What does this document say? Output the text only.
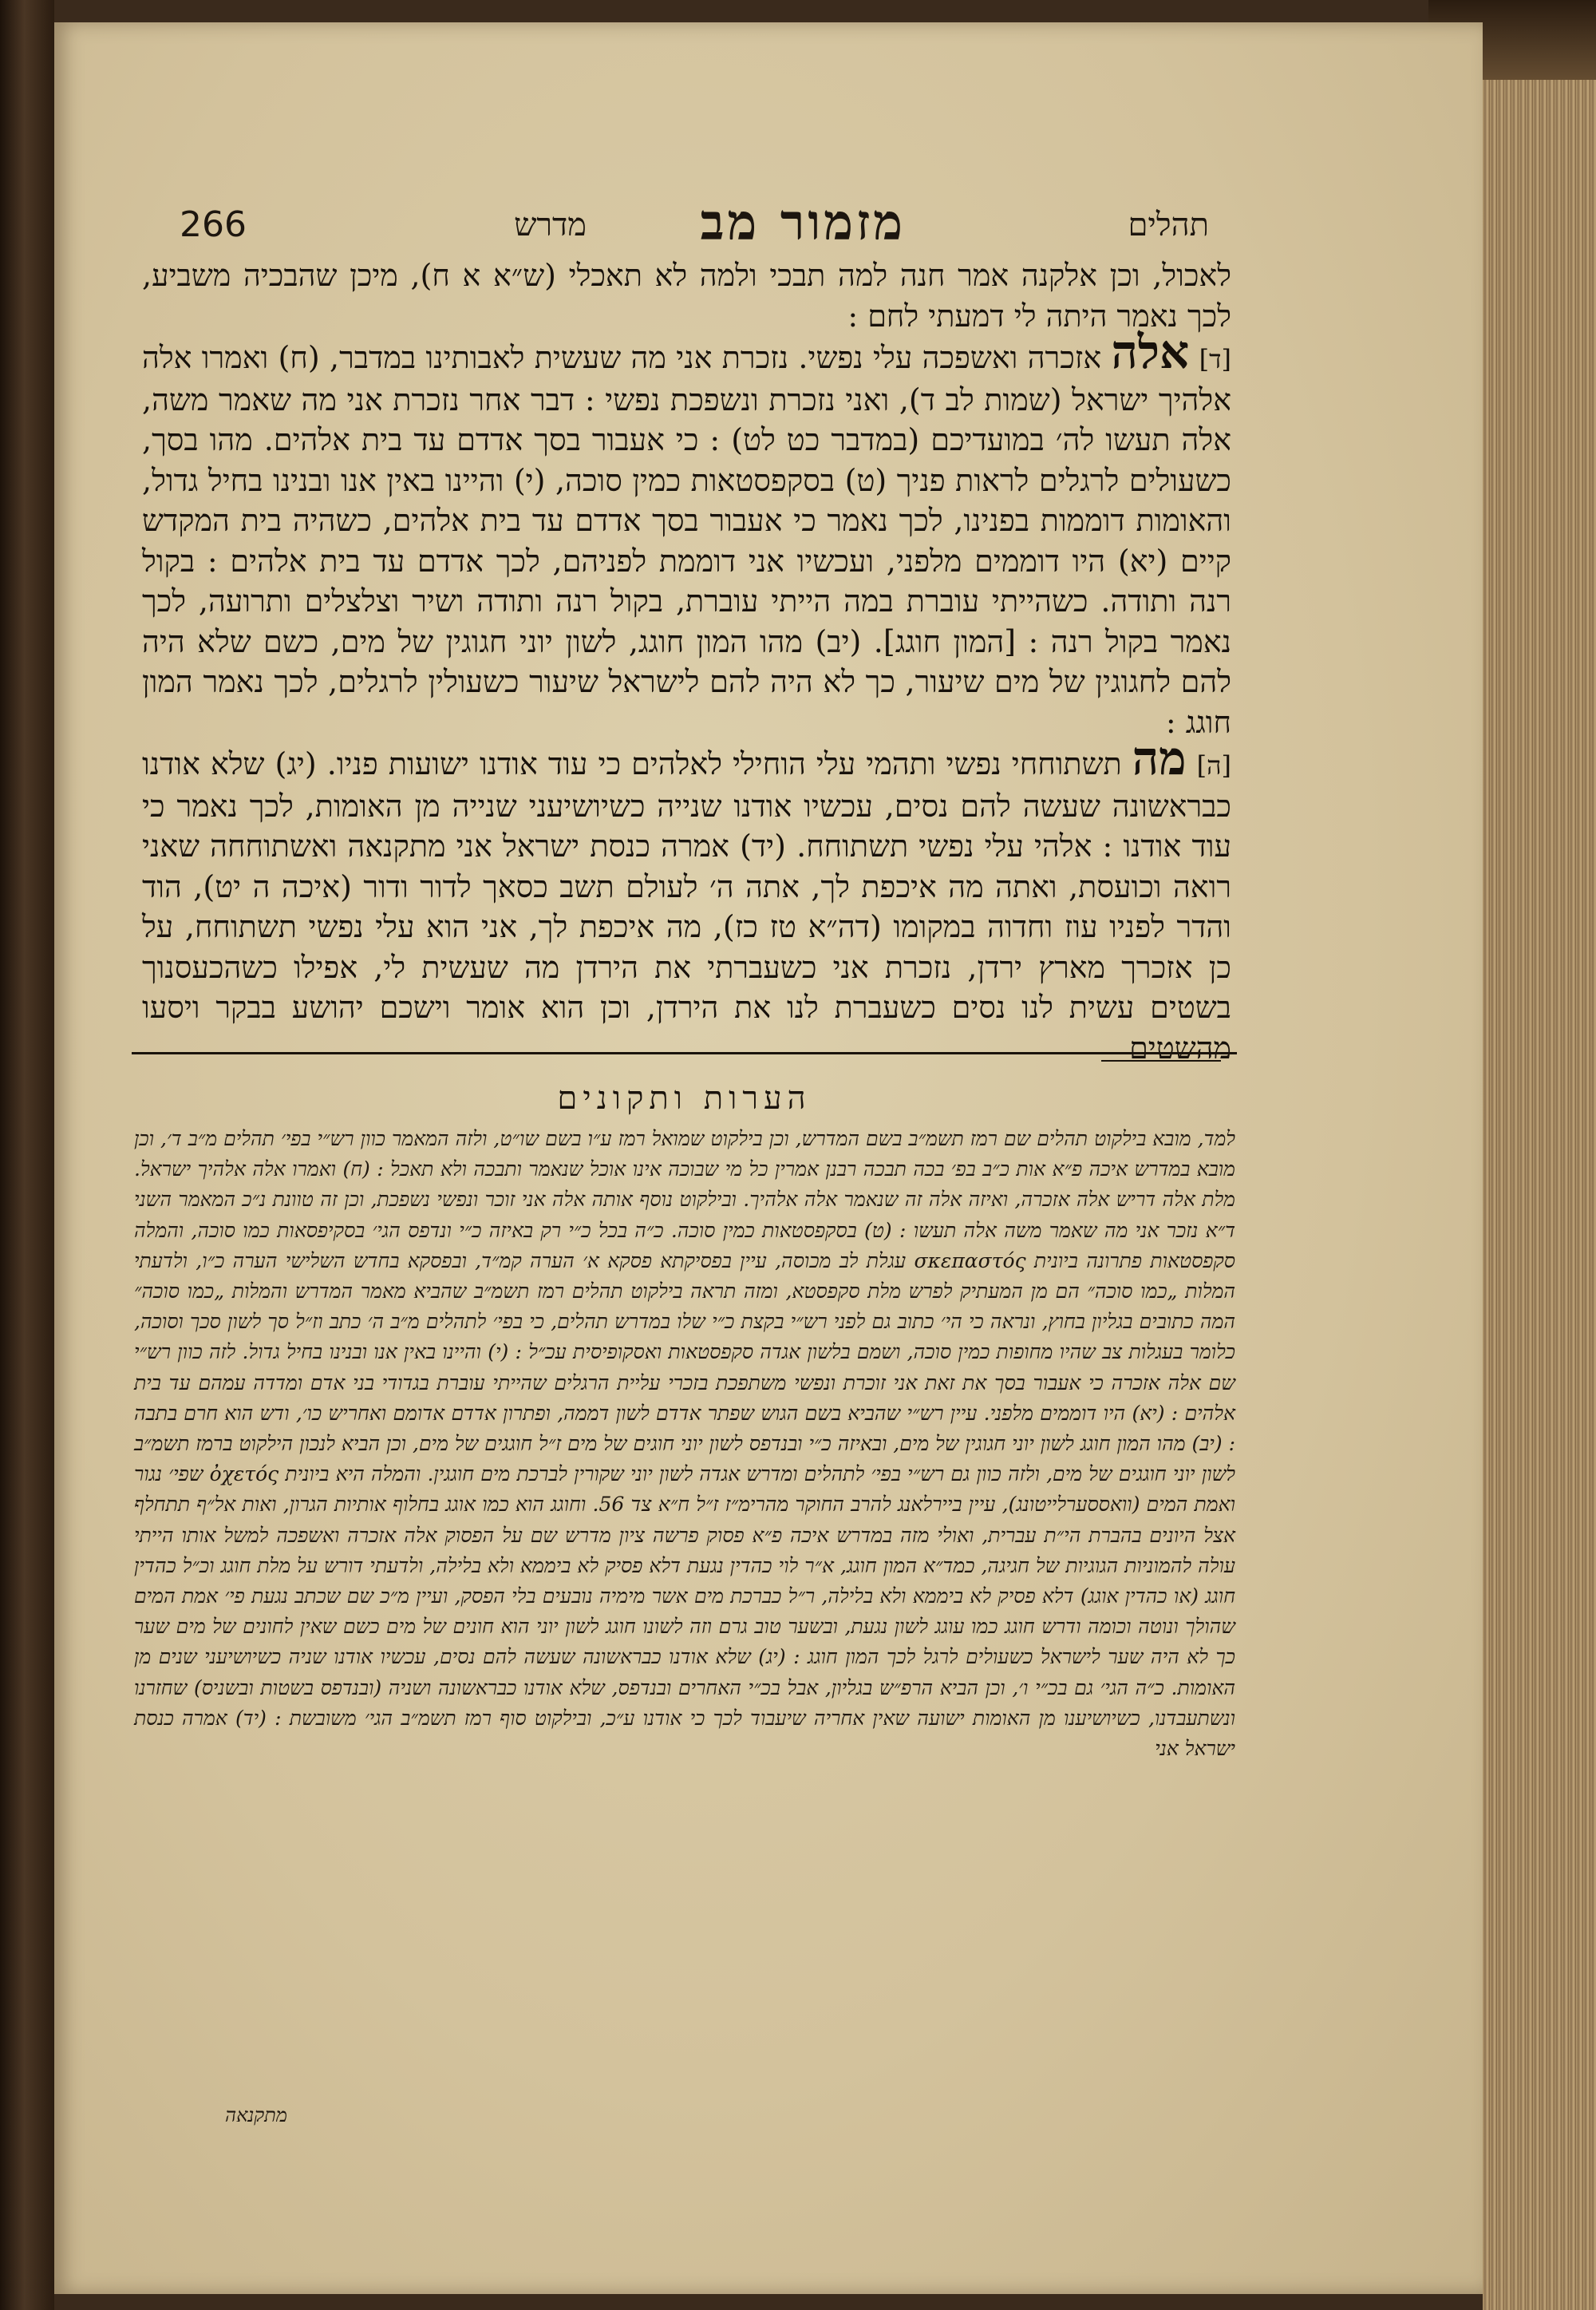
תהלים
מזמור מב
מדרש
266

לאכול, וכן אלקנה אמר חנה למה תבכי ולמה לא תאכלי (ש״א א ח), מיכן שהבכיה משביע, לכך נאמר היתה לי דמעתי לחם :

[ד] אלה אזכרה ואשפכה עלי נפשי. נזכרת אני מה שעשית לאבותינו במדבר, (ח) ואמרו אלה אלהיך ישראל (שמות לב ד), ואני נזכרת ונשפכת נפשי : דבר אחר נזכרת אני מה שאמר משה, אלה תעשו לה׳ במועדיכם (במדבר כט לט) : כי אעבור בסך אדדם עד בית אלהים. מהו בסך, כשעולים לרגלים לראות פניך (ט) בסקפסטאות כמין סוכה, (י) והיינו באין אנו ובנינו בחיל גדול, והאומות דוממות בפנינו, לכך נאמר כי אעבור בסך אדדם עד בית אלהים, כשהיה בית המקדש קיים (יא) היו דוממים מלפני, ועכשיו אני דוממת לפניהם, לכך אדדם עד בית אלהים : בקול רנה ותודה. כשהייתי עוברת במה הייתי עוברת, בקול רנה ותודה ושיר וצלצלים ותרועה, לכך נאמר בקול רנה : [המון חוגג]. (יב) מהו המון חוגג, לשון יוני חגוגין של מים, כשם שלא היה להם לחגוגין של מים שיעור, כך לא היה להם לישראל שיעור כשעולין לרגלים, לכך נאמר המון חוגג :

[ה] מה תשתוחחי נפשי ותהמי עלי הוחילי לאלהים כי עוד אודנו ישועות פניו. (יג) שלא אודנו כבראשונה שעשה להם נסים, עכשיו אודנו שנייה כשיושיעני שנייה מן האומות, לכך נאמר כי עוד אודנו : אלהי עלי נפשי תשתוחח. (יד) אמרה כנסת ישראל אני מתקנאה ואשתוחחה שאני רואה וכועסת, ואתה מה איכפת לך, אתה ה׳ לעולם תשב כסאך לדור ודור (איכה ה יט), הוד והדר לפניו עוז וחדוה במקומו (דה״א טז כז), מה איכפת לך, אני הוא עלי נפשי תשתוחח, על כן אזכרך מארץ ירדן, נזכרת אני כשעברתי את הירדן מה שעשית לי, אפילו כשהכעסנוך בשטים עשית לנו נסים כשעברת לנו את הירדן, וכן הוא אומר וישכם יהושע בבקר ויסעו מהשטים

הערות ותקונים

למד, מובא בילקוט תהלים שם רמז תשמ״ב בשם המדרש, וכן בילקוט שמואל רמז ע״ו בשם שו״ט, ולזה המאמר כוון רש״י בפי׳ תהלים מ״ב ד׳, וכן מובא במדרש איכה פ״א אות כ״ב בפ׳ בכה תבכה רבנן אמרין כל מי שבוכה אינו אוכל שנאמר ותבכה ולא תאכל : (ח) ואמרו אלה אלהיך ישראל. מלת אלה דריש אלה אזכרה, ואיזה אלה זה שנאמר אלה אלהיך. ובילקוט נוסף אותה אלה אני זוכר ונפשי נשפכת, וכן זה טוונת נ״כ המאמר השני ד״א נזכר אני מה שאמר משה אלה תעשו : (ט) בסקפסטאות כמין סוכה. כ״ה בכל כ״י רק באיזה כ״י ונדפס הגי׳ בסקיפסאות כמו סוכה, והמלה סקפסטאות פתרונה ביונית σκεπαστός עגלת לב מכוסה, עיין בפסיקתא פסקא א׳ הערה קמ״ד, ובפסקא בחדש השלישי הערה כ״ו, ולדעתי המלות „כמו סוכה״ הם מן המעתיק לפרש מלת סקפסטא, ומזה תראה בילקוט תהלים רמז תשמ״ב שהביא מאמר המדרש והמלות „כמו סוכה״ המה כתובים בגליון בחוץ, ונראה כי הי׳ כתוב גם לפני רש״י בקצת כ״י שלו במדרש תהלים, כי בפי׳ לתהלים מ״ב ה׳ כתב וז״ל סך לשון סכך וסוכה, כלומר בעגלות צב שהיו מחופות כמין סוכה, ושמם בלשון אגדה סקפסטאות ואסקופיסית עכ״ל : (י) והיינו באין אנו ובנינו בחיל גדול. לזה כוון רש״י שם אלה אזכרה כי אעבור בסך את זאת אני זוכרת ונפשי משתפכת בזכרי עליית הרגלים שהייתי עוברת בגדודי בני אדם ומדדה עמהם עד בית אלהים : (יא) היו דוממים מלפני. עיין רש״י שהביא בשם הגוש שפתר אדדם לשון דממה, ופתרון אדדם אדומם ואחריש כו׳, ודש הוא חרם בתבה : (יב) מהו המון חוגג לשון יוני חגוגין של מים, ובאיזה כ״י ובנדפס לשון יוני חוגים של מים ז״ל חוגגים של מים, וכן הביא לנכון הילקוט ברמז תשמ״ב לשון יוני חוגגים של מים, ולזה כוון גם רש״י בפי׳ לתהלים ומדרש אגדה לשון יוני שקורין לברכת מים חוגגין. והמלה היא ביונית ὀχετός שפי׳ נגור ואמת המים (וואססערלייטונג), עיין ביירלאנג להרב החוקר מהרימ״ז ז״ל ח״א צד 56. וחוגג הוא כמו אוגג בחלוף אותיות הגרון, ואות אל״ף תתחלף אצל היונים בהברת הי״ת עברית, ואולי מזה במדרש איכה פ״א פסוק פרשה ציון מדרש שם על הפסוק אלה אזכרה ואשפכה למשל אותו הייתי עולה להמוניות הגוגיות של חגיגה, כמד״א המון חוגג, א״ר לוי כהדין נגעת דלא פסיק לא ביממא ולא בלילה, ולדעתי דורש על מלת חוגג וכ״ל כהדין חוגג (או כהדין אוגג) דלא פסיק לא ביממא ולא בלילה, ר״ל כברכת מים אשר מימיה נובעים בלי הפסק, ועיין מ״כ שם שכתב נגעת פי׳ אמת המים שהולך ונוטה וכומה ודרש חוגג כמו עוגג לשון נגעת, ובשער טוב גרם וזה לשונו חוגג לשון יוני הוא חונים של מים כשם שאין לחונים של מים שער כך לא היה שער לישראל כשעולים לרגל לכך המון חוגג : (יג) שלא אודנו כבראשונה שעשה להם נסים, עכשיו אודנו שניה כשיושיעני שנים מן האומות. כ״ה הגי׳ גם בכ״י ו׳, וכן הביא הרפ״ש בגליון, אבל בכ״י האחרים ובנדפס, שלא אודנו כבראשונה ושניה (ובנדפס בשטות ובשניס) שחזרנו ונשתעבדנו, כשיושיענו מן האומות ישועה שאין אחריה שיעבוד לכך כי אודנו ע״כ, ובילקוט סוף רמז תשמ״ב הגי׳ משובשת : (יד) אמרה כנסת ישראל אני

מתקנאה
